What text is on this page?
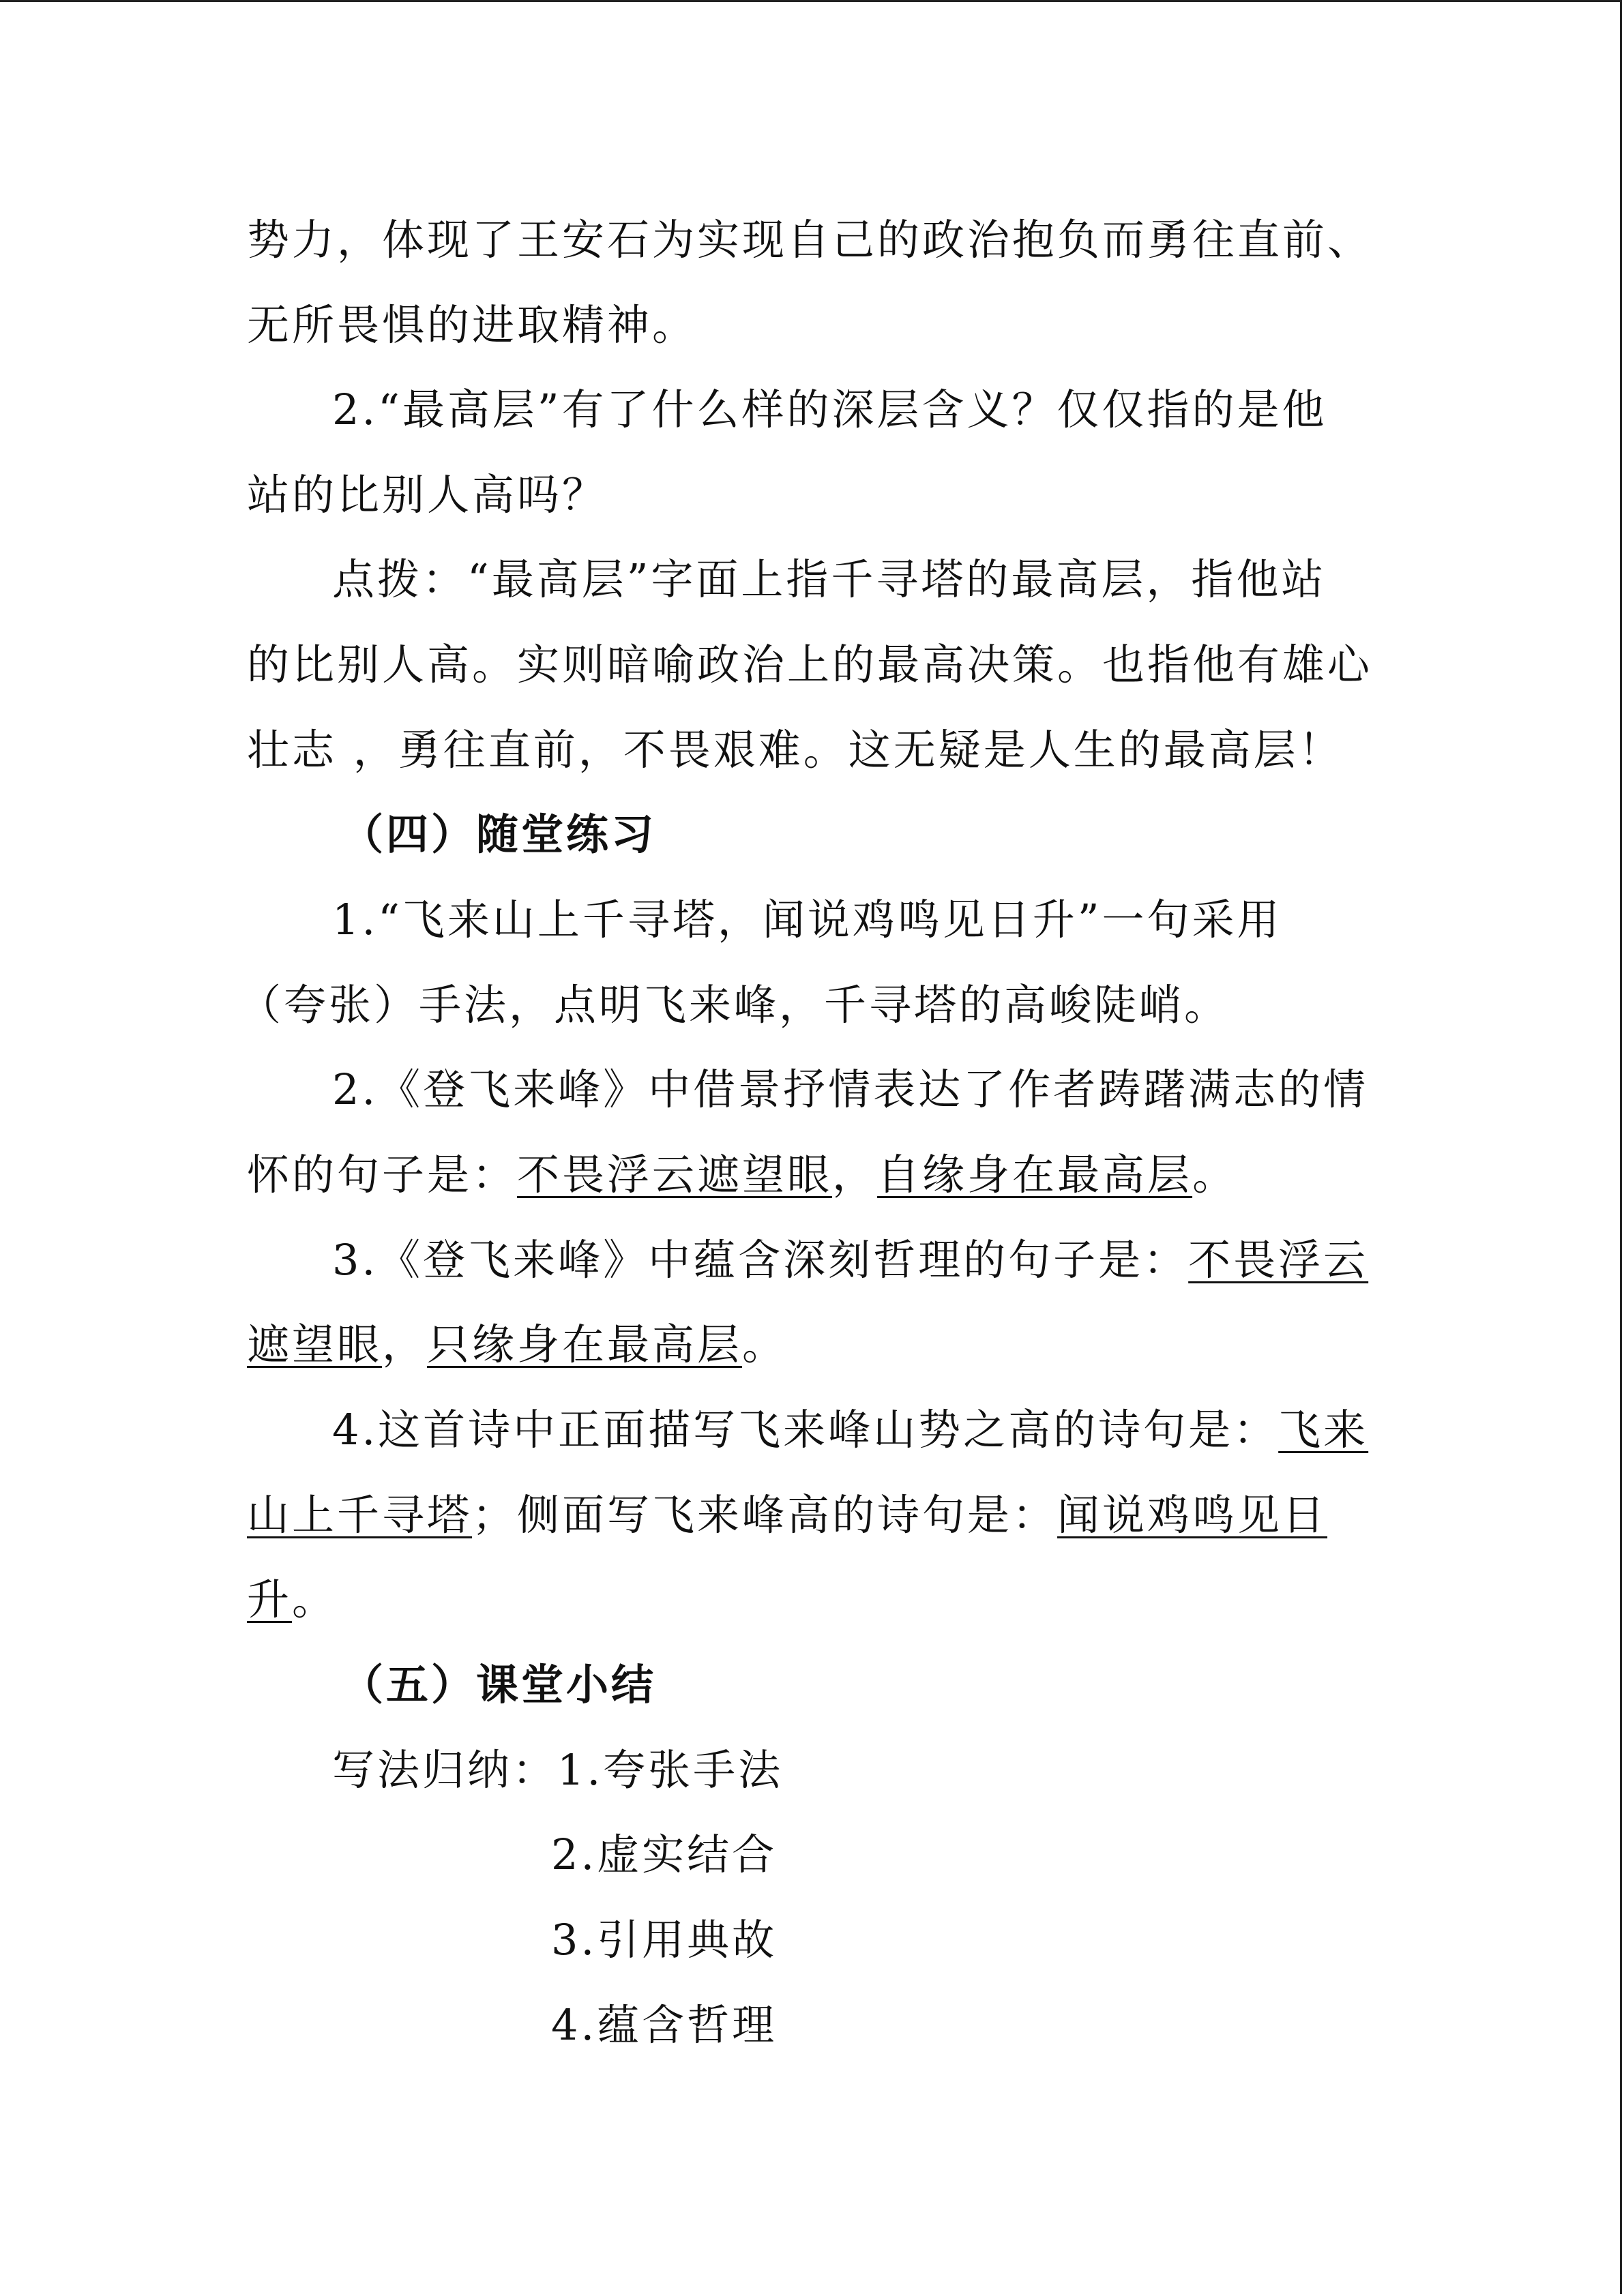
势力，体现了王安石为实现自己的政治抱负而勇往直前、
无所畏惧的进取精神。
2.“最高层”有了什么样的深层含义？仅仅指的是他
站的比别人高吗？
点拨：“最高层”字面上指千寻塔的最高层，指他站
的比别人高。实则暗喻政治上的最高决策。也指他有雄心
壮志 ，勇往直前，不畏艰难。这无疑是人生的最高层！
（四）随堂练习
1.“飞来山上千寻塔，闻说鸡鸣见日升”一句采用
（夸张）手法，点明飞来峰，千寻塔的高峻陡峭。
2.《登飞来峰》中借景抒情表达了作者踌躇满志的情
怀的句子是：不畏浮云遮望眼，自缘身在最高层。
3.《登飞来峰》中蕴含深刻哲理的句子是：不畏浮云
遮望眼，只缘身在最高层。
4.这首诗中正面描写飞来峰山势之高的诗句是：飞来
山上千寻塔；侧面写飞来峰高的诗句是：闻说鸡鸣见日
升。
（五）课堂小结
写法归纳：1.夸张手法
2.虚实结合
3.引用典故
4.蕴含哲理
